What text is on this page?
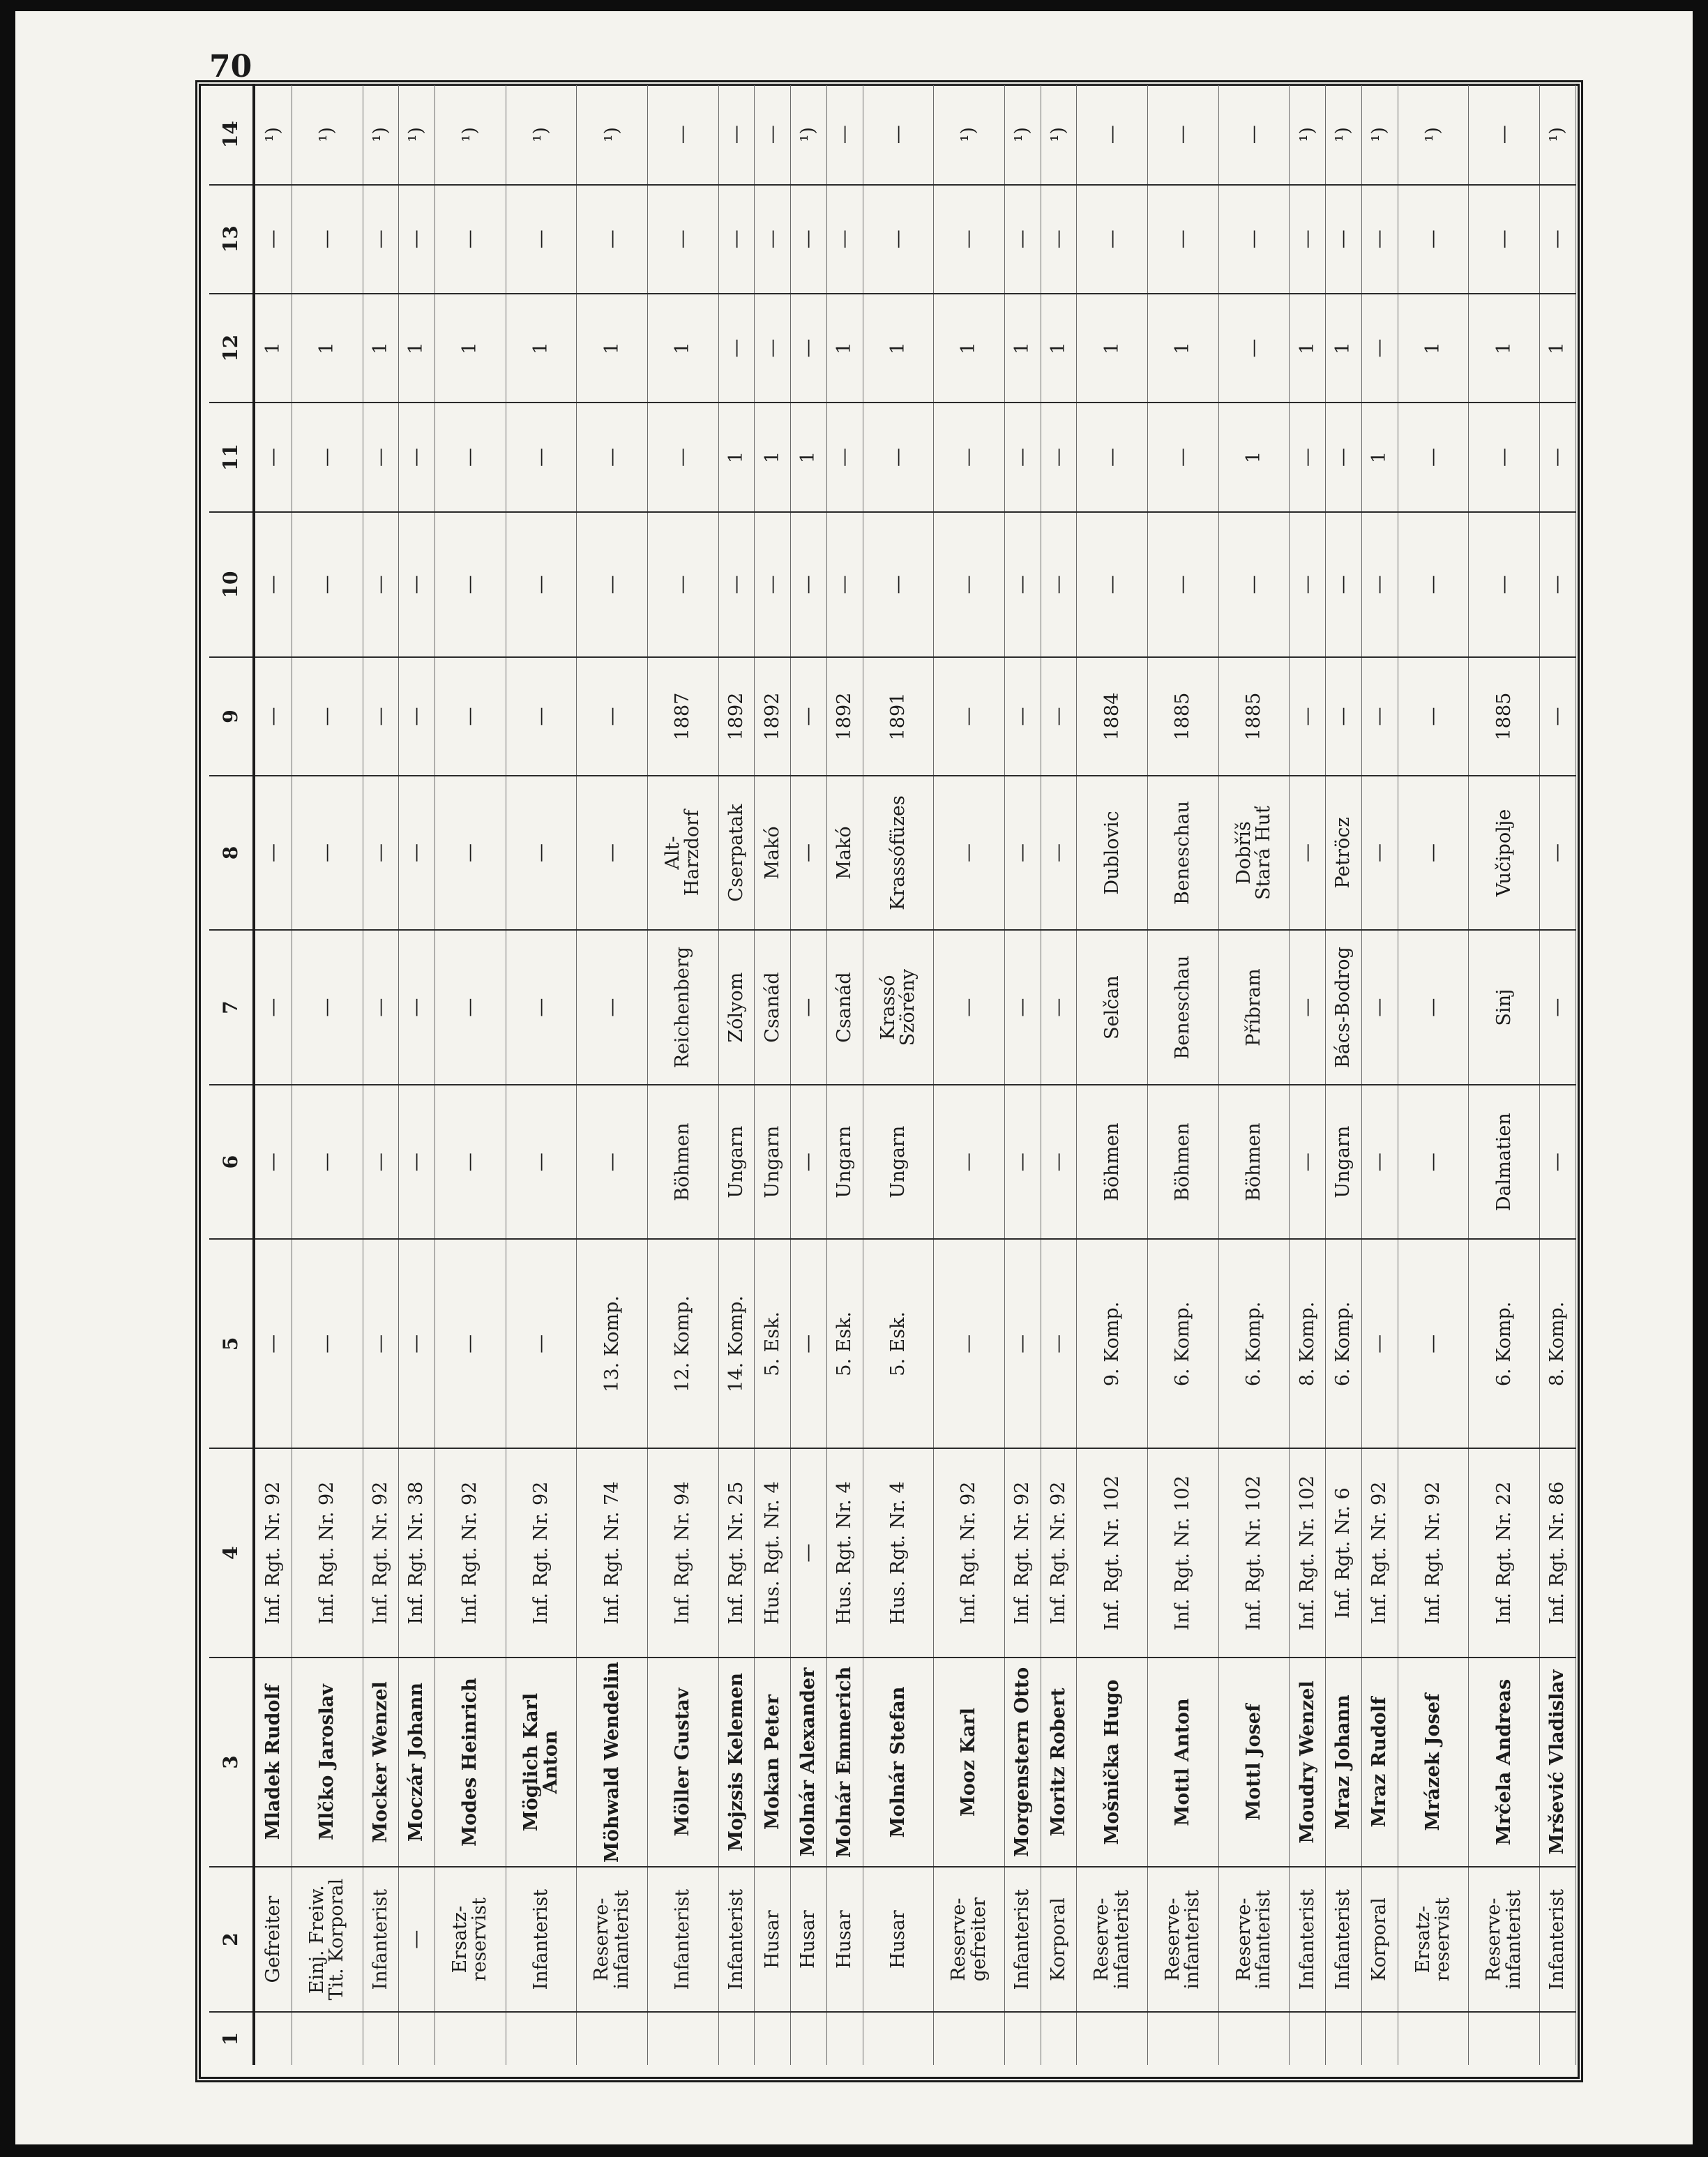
70
1	2	3	4	5	6	7	8	9	10	11	12	13	14
	Gefreiter	Mladek Rudolf	Inf. Rgt. Nr. 92	—	—	—	—	—	—	—	1	—	¹)
	Einj. Freiw.
Tit. Korporal	Mlčko Jaroslav	Inf. Rgt. Nr. 92	—	—	—	—	—	—	—	1	—	¹)
	Infanterist	Mocker Wenzel	Inf. Rgt. Nr. 92	—	—	—	—	—	—	—	1	—	¹)
	—	Moczár Johann	Inf. Rgt. Nr. 38	—	—	—	—	—	—	—	1	—	¹)
	Ersatz-
reservist	Modes Heinrich	Inf. Rgt. Nr. 92	—	—	—	—	—	—	—	1	—	¹)
	Infanterist	Möglich Karl Anton	Inf. Rgt. Nr. 92	—	—	—	—	—	—	—	1	—	¹)
	Reserve-
infanterist	Möhwald Wendelin	Inf. Rgt. Nr. 74	13. Komp.	—	—	—	—	—	—	1	—	¹)
	Infanterist	Möller Gustav	Inf. Rgt. Nr. 94	12. Komp.	Böhmen	Reichenberg	Alt-
Harzdorf	1887	—	—	1	—	—
	Infanterist	Mojzsis Kelemen	Inf. Rgt. Nr. 25	14. Komp.	Ungarn	Zólyom	Cserpatak	1892	—	1	—	—	—
	Husar	Mokan Peter	Hus. Rgt. Nr. 4	5. Esk.	Ungarn	Csanád	Makó	1892	—	1	—	—	—
	Husar	Molnár Alexander	—	—	—	—	—	—	—	1	—	—	¹)
	Husar	Molnár Emmerich	Hus. Rgt. Nr. 4	5. Esk.	Ungarn	Csanád	Makó	1892	—	—	1	—	—
	Husar	Molnár Stefan	Hus. Rgt. Nr. 4	5. Esk.	Ungarn	Krassó
Szörény	Krassófüzes	1891	—	—	1	—	—
	Reserve-
gefreiter	Mooz Karl	Inf. Rgt. Nr. 92	—	—	—	—	—	—	—	1	—	¹)
	Infanterist	Morgenstern Otto	Inf. Rgt. Nr. 92	—	—	—	—	—	—	—	1	—	¹)
	Korporal	Moritz Robert	Inf. Rgt. Nr. 92	—	—	—	—	—	—	—	1	—	¹)
	Reserve-
infanterist	Mošnička Hugo	Inf. Rgt. Nr. 102	9. Komp.	Böhmen	Selčan	Dublovic	1884	—	—	1	—	—
	Reserve-
infanterist	Mottl Anton	Inf. Rgt. Nr. 102	6. Komp.	Böhmen	Beneschau	Beneschau	1885	—	—	1	—	—
	Reserve-
infanterist	Mottl Josef	Inf. Rgt. Nr. 102	6. Komp.	Böhmen	Příbram	Dobříš
Stará Huť	1885	—	1	—	—	—
	Infanterist	Moudry Wenzel	Inf. Rgt. Nr. 102	8. Komp.	—	—	—	—	—	—	1	—	¹)
	Infanterist	Mraz Johann	Inf. Rgt. Nr. 6	6. Komp.	Ungarn	Bács-Bodrog	Petröcz	—	—	—	1	—	¹)
	Korporal	Mraz Rudolf	Inf. Rgt. Nr. 92	—	—	—	—	—	—	1	—	—	¹)
	Ersatz-
reservist	Mrázek Josef	Inf. Rgt. Nr. 92	—	—	—	—	—	—	—	1	—	¹)
	Reserve-
infanterist	Mrčela Andreas	Inf. Rgt. Nr. 22	6. Komp.	Dalmatien	Sinj	Vučipolje	1885	—	—	1	—	—
	Infanterist	Mršević Vladislav	Inf. Rgt. Nr. 86	8. Komp.	—	—	—	—	—	—	1	—	¹)
